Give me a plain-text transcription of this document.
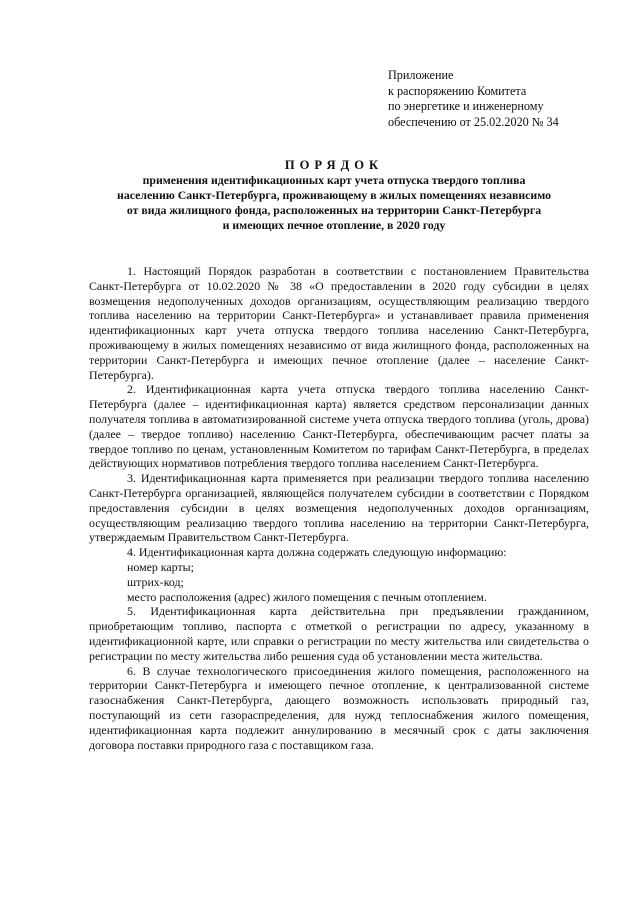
Приложение
к распоряжению Комитета
по энергетике и инженерному
обеспечению от 25.02.2020 № 34
ПОРЯДОК
применения идентификационных карт учета отпуска твердого топлива
населению Санкт-Петербурга, проживающему в жилых помещениях независимо
от вида жилищного фонда, расположенных на территории Санкт-Петербурга
и имеющих печное отопление, в 2020 году

1. Настоящий Порядок разработан в соответствии с постановлением Правительства Санкт-Петербурга от 10.02.2020 № 38 «О предоставлении в 2020 году субсидии в целях возмещения недополученных доходов организациям, осуществляющим реализацию твердого топлива населению на территории Санкт-Петербурга» и устанавливает правила применения идентификационных карт учета отпуска твердого топлива населению Санкт-Петербурга, проживающему в жилых помещениях независимо от вида жилищного фонда, расположенных на территории Санкт-Петербурга и имеющих печное отопление (далее – население Санкт-Петербурга).

2. Идентификационная карта учета отпуска твердого топлива населению Санкт-Петербурга (далее – идентификационная карта) является средством персонализации данных получателя топлива в автоматизированной системе учета отпуска твердого топлива (уголь, дрова) (далее – твердое топливо) населению Санкт-Петербурга, обеспечивающим расчет платы за твердое топливо по ценам, установленным Комитетом по тарифам Санкт-Петербурга, в пределах действующих нормативов потребления твердого топлива населением Санкт-Петербурга.

3. Идентификационная карта применяется при реализации твердого топлива населению Санкт-Петербурга организацией, являющейся получателем субсидии в соответствии с Порядком предоставления субсидии в целях возмещения недополученных доходов организациям, осуществляющим реализацию твердого топлива населению на территории Санкт-Петербурга, утверждаемым Правительством Санкт-Петербурга.

4. Идентификационная карта должна содержать следующую информацию:

номер карты;

штрих-код;

место расположения (адрес) жилого помещения с печным отоплением.

5. Идентификационная карта действительна при предъявлении гражданином, приобретающим топливо, паспорта с отметкой о регистрации по адресу, указанному в идентификационной карте, или справки о регистрации по месту жительства или свидетельства о регистрации по месту жительства либо решения суда об установлении места жительства.

6. В случае технологического присоединения жилого помещения, расположенного на территории Санкт-Петербурга и имеющего печное отопление, к централизованной системе газоснабжения Санкт-Петербурга, дающего возможность использовать природный газ, поступающий из сети газораспределения, для нужд теплоснабжения жилого помещения, идентификационная карта подлежит аннулированию в месячный срок с даты заключения договора поставки природного газа с поставщиком газа.
